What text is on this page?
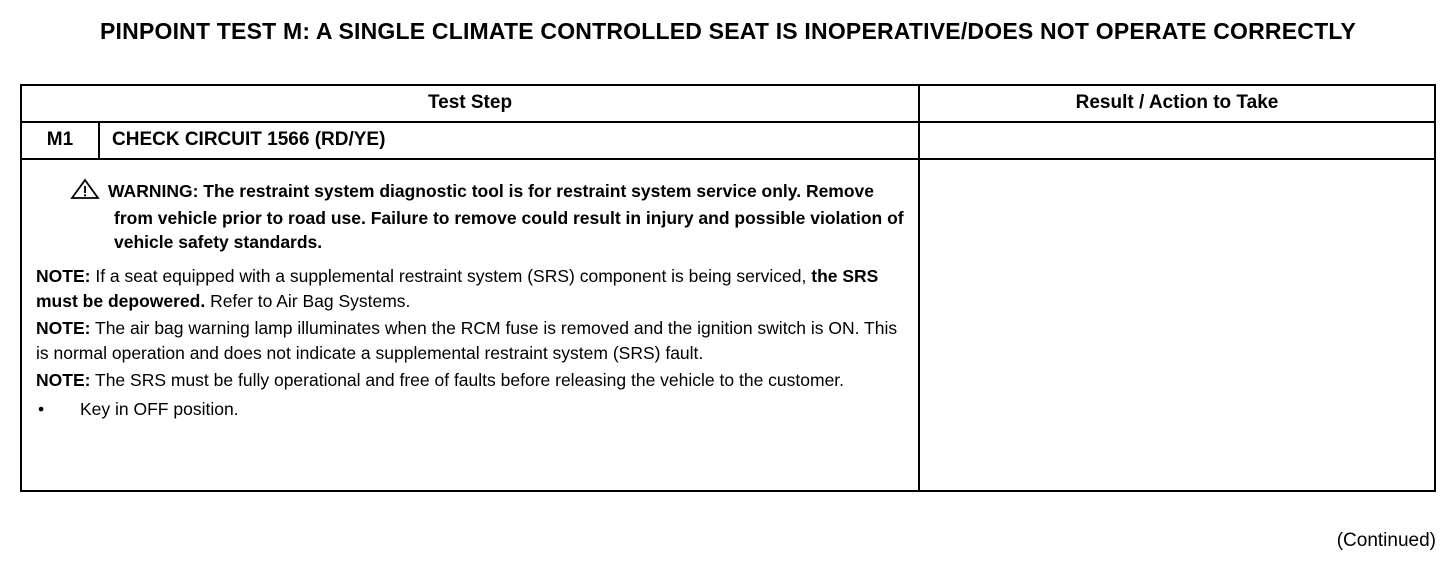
PINPOINT TEST M: A SINGLE CLIMATE CONTROLLED SEAT IS INOPERATIVE/DOES NOT OPERATE CORRECTLY
Test Step	Result / Action to Take
M1	CHECK CIRCUIT 1566 (RD/YE)
WARNING: The restraint system diagnostic tool is for restraint system service only. Remove from vehicle prior to road use. Failure to remove could result in injury and possible violation of vehicle safety standards.
NOTE: If a seat equipped with a supplemental restraint system (SRS) component is being serviced, the SRS must be depowered. Refer to Air Bag Systems.
NOTE: The air bag warning lamp illuminates when the RCM fuse is removed and the ignition switch is ON. This is normal operation and does not indicate a supplemental restraint system (SRS) fault.
NOTE: The SRS must be fully operational and free of faults before releasing the vehicle to the customer.
• Key in OFF position.
(Continued)
